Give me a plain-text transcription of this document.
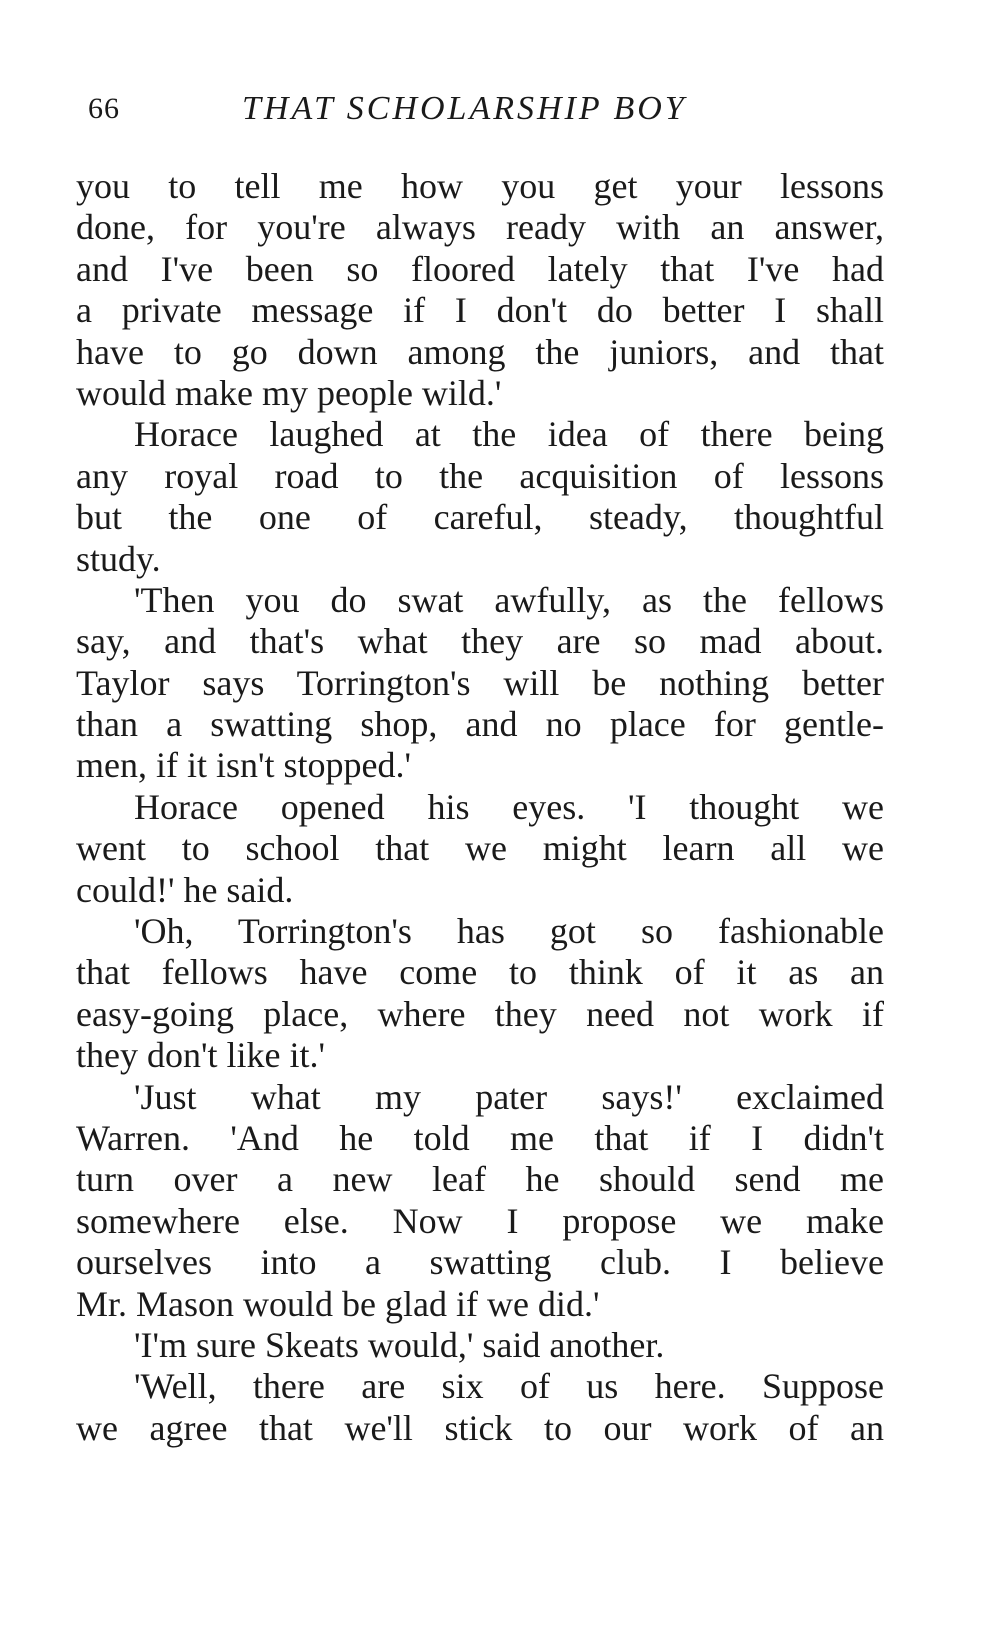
66	THAT SCHOLARSHIP BOY
you to tell me how you get your lessons
done, for you're always ready with an answer,
and I've been so floored lately that I've had
a private message if I don't do better I shall
have to go down among the juniors, and that
would make my people wild.'
Horace laughed at the idea of there being
any royal road to the acquisition of lessons
but the one of careful, steady, thoughtful
study.
'Then you do swat awfully, as the fellows
say, and that's what they are so mad about.
Taylor says Torrington's will be nothing better
than a swatting shop, and no place for gentle-
men, if it isn't stopped.'
Horace opened his eyes. 'I thought we
went to school that we might learn all we
could!' he said.
'Oh, Torrington's has got so fashionable
that fellows have come to think of it as an
easy-going place, where they need not work if
they don't like it.'
'Just what my pater says!' exclaimed
Warren. 'And he told me that if I didn't
turn over a new leaf he should send me
somewhere else. Now I propose we make
ourselves into a swatting club. I believe
Mr. Mason would be glad if we did.'
'I'm sure Skeats would,' said another.
'Well, there are six of us here. Suppose
we agree that we'll stick to our work of an
